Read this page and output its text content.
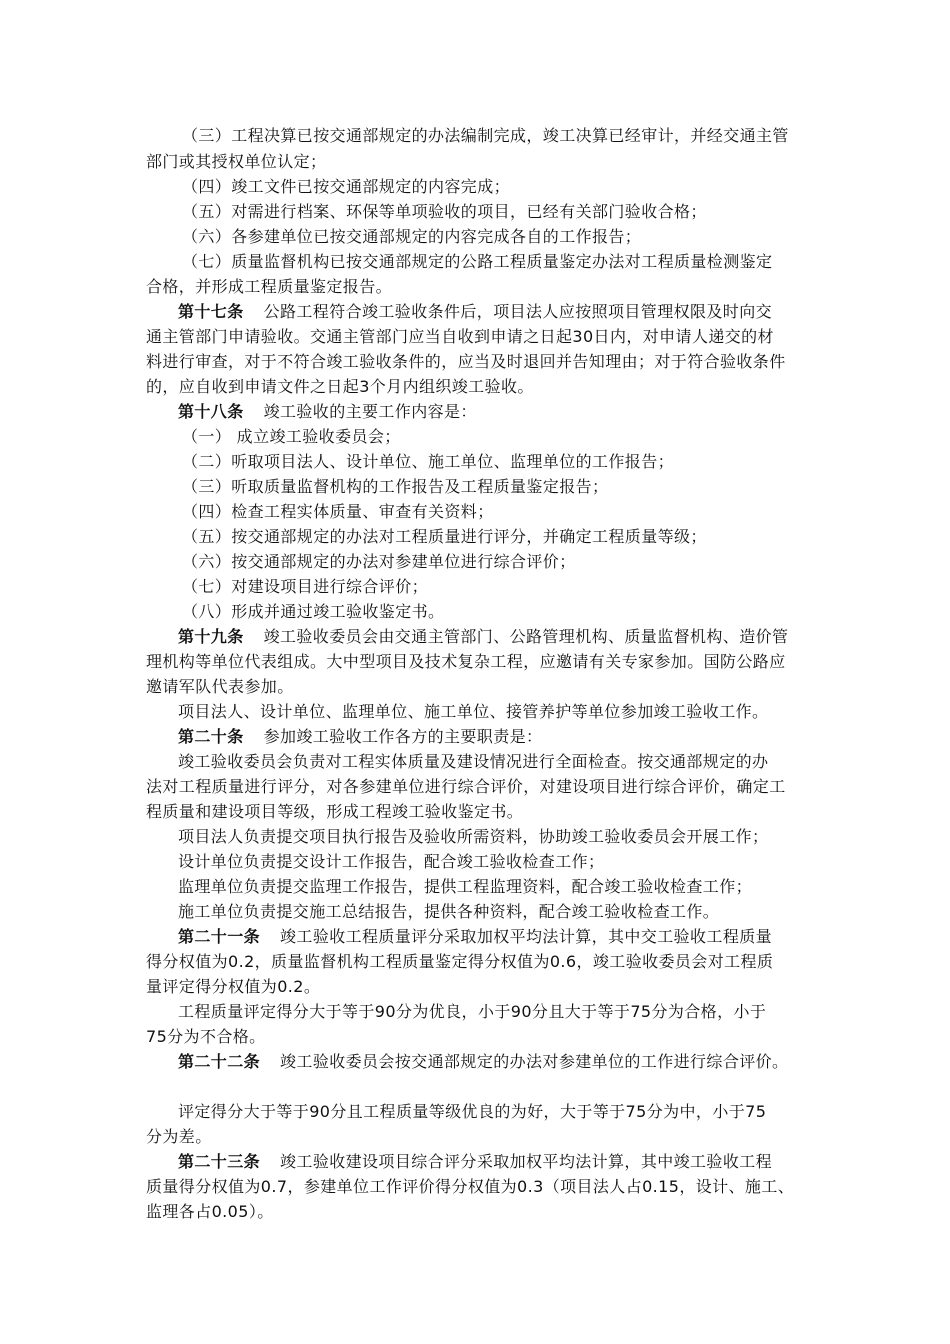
（三）工程决算已按交通部规定的办法编制完成，竣工决算已经审计，并经交通主管
部门或其授权单位认定；
（四）竣工文件已按交通部规定的内容完成；
（五）对需进行档案、环保等单项验收的项目，已经有关部门验收合格；
（六）各参建单位已按交通部规定的内容完成各自的工作报告；
（七）质量监督机构已按交通部规定的公路工程质量鉴定办法对工程质量检测鉴定
合格，并形成工程质量鉴定报告。
第十七条 公路工程符合竣工验收条件后，项目法人应按照项目管理权限及时向交
通主管部门申请验收。交通主管部门应当自收到申请之日起30日内，对申请人递交的材
料进行审查，对于不符合竣工验收条件的，应当及时退回并告知理由；对于符合验收条件
的，应自收到申请文件之日起3个月内组织竣工验收。
第十八条 竣工验收的主要工作内容是：
（一） 成立竣工验收委员会；
（二）听取项目法人、设计单位、施工单位、监理单位的工作报告；
（三）听取质量监督机构的工作报告及工程质量鉴定报告；
（四）检查工程实体质量、审查有关资料；
（五）按交通部规定的办法对工程质量进行评分，并确定工程质量等级；
（六）按交通部规定的办法对参建单位进行综合评价；
（七）对建设项目进行综合评价；
（八）形成并通过竣工验收鉴定书。
第十九条 竣工验收委员会由交通主管部门、公路管理机构、质量监督机构、造价管
理机构等单位代表组成。大中型项目及技术复杂工程，应邀请有关专家参加。国防公路应
邀请军队代表参加。
项目法人、设计单位、监理单位、施工单位、接管养护等单位参加竣工验收工作。
第二十条 参加竣工验收工作各方的主要职责是：
竣工验收委员会负责对工程实体质量及建设情况进行全面检查。按交通部规定的办
法对工程质量进行评分，对各参建单位进行综合评价，对建设项目进行综合评价，确定工
程质量和建设项目等级，形成工程竣工验收鉴定书。
项目法人负责提交项目执行报告及验收所需资料，协助竣工验收委员会开展工作；
设计单位负责提交设计工作报告，配合竣工验收检查工作；
监理单位负责提交监理工作报告，提供工程监理资料，配合竣工验收检查工作；
施工单位负责提交施工总结报告，提供各种资料，配合竣工验收检查工作。
第二十一条 竣工验收工程质量评分采取加权平均法计算，其中交工验收工程质量
得分权值为0.2，质量监督机构工程质量鉴定得分权值为0.6，竣工验收委员会对工程质
量评定得分权值为0.2。
工程质量评定得分大于等于90分为优良，小于90分且大于等于75分为合格，小于
75分为不合格。
第二十二条 竣工验收委员会按交通部规定的办法对参建单位的工作进行综合评价。
评定得分大于等于90分且工程质量等级优良的为好，大于等于75分为中，小于75
分为差。
第二十三条 竣工验收建设项目综合评分采取加权平均法计算，其中竣工验收工程
质量得分权值为0.7，参建单位工作评价得分权值为0.3（项目法人占0.15，设计、施工、
监理各占0.05）。
